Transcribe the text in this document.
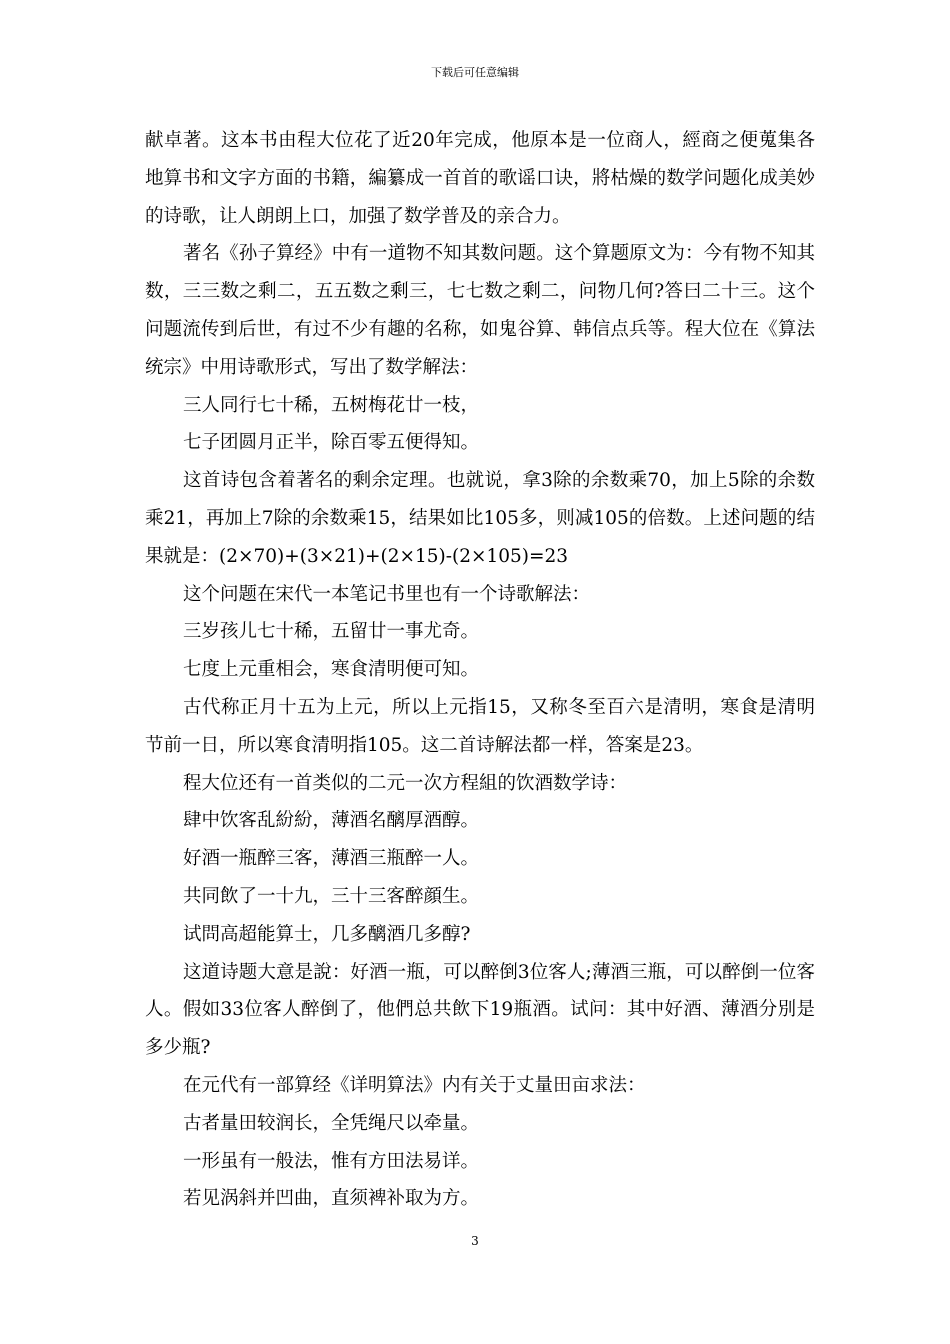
下载后可任意编辑

献卓著。这本书由程大位花了近20年完成，他原本是一位商人，經商之便蒐集各地算书和文字方面的书籍，編纂成一首首的歌谣口诀，將枯燥的数学问题化成美妙的诗歌，让人朗朗上口，加强了数学普及的亲合力。

著名《孙子算经》中有一道物不知其数问题。这个算题原文为：今有物不知其数，三三数之剩二，五五数之剩三，七七数之剩二，问物几何?答曰二十三。这个问题流传到后世，有过不少有趣的名称，如鬼谷算、韩信点兵等。程大位在《算法统宗》中用诗歌形式，写出了数学解法：

三人同行七十稀，五树梅花廿一枝，

七子团圆月正半，除百零五便得知。

这首诗包含着著名的剩余定理。也就说，拿3除的余数乘70，加上5除的余数乘21，再加上7除的余数乘15，结果如比105多，则减105的倍数。上述问题的结果就是：(2×70)+(3×21)+(2×15)-(2×105)=23

这个问题在宋代一本笔记书里也有一个诗歌解法：

三岁孩儿七十稀，五留廿一事尤奇。

七度上元重相会，寒食清明便可知。

古代称正月十五为上元，所以上元指15，又称冬至百六是清明，寒食是清明节前一日，所以寒食清明指105。这二首诗解法都一样，答案是23。

程大位还有一首类似的二元一次方程組的饮酒数学诗：

肆中饮客乱紛紛，薄酒名醨厚酒醇。

好酒一瓶醉三客，薄酒三瓶醉一人。

共同飲了一十九，三十三客醉顔生。

试問高超能算士，几多醨酒几多醇?

这道诗题大意是說：好酒一瓶，可以醉倒3位客人;薄酒三瓶，可以醉倒一位客人。假如33位客人醉倒了，他們总共飲下19瓶酒。试问：其中好酒、薄酒分別是多少瓶?

在元代有一部算经《详明算法》内有关于丈量田亩求法：

古者量田较润长，全凭绳尺以牵量。

一形虽有一般法，惟有方田法易详。

若见涡斜并凹曲，直须裨补取为方。

3
